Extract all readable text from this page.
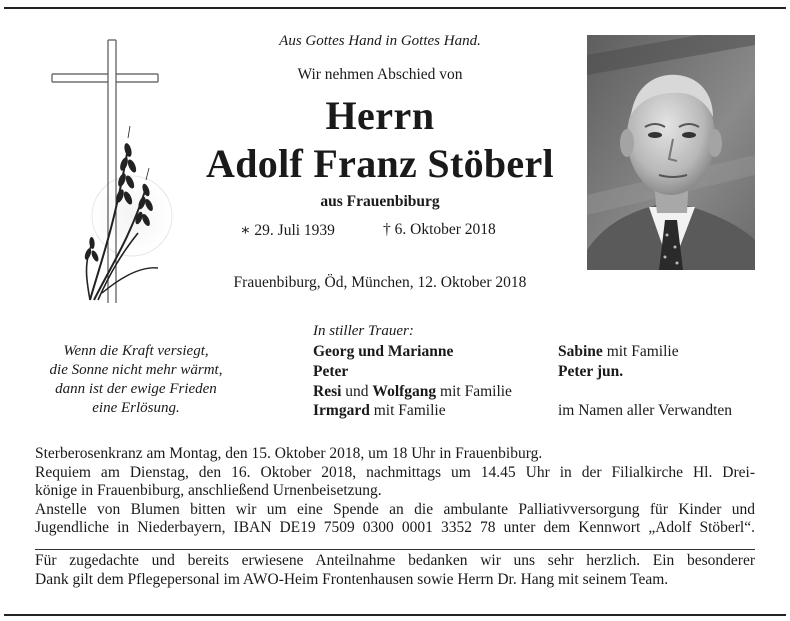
Aus Gottes Hand in Gottes Hand.
Wir nehmen Abschied von
Herrn
Adolf Franz Stöberl
aus Frauenbiburg
∗ 29. Juli 1939	† 6. Oktober 2018
Frauenbiburg, Öd, München, 12. Oktober 2018
Wenn die Kraft versiegt,
die Sonne nicht mehr wärmt,
dann ist der ewige Frieden
eine Erlösung.
In stiller Trauer:
Georg und Marianne
Peter
Resi und Wolfgang mit Familie
Irmgard mit Familie
Sabine mit Familie
Peter jun.
im Namen aller Verwandten
Sterberosenkranz am Montag, den 15. Oktober 2018, um 18 Uhr in Frauenbiburg.
Requiem am Dienstag, den 16. Oktober 2018, nachmittags um 14.45 Uhr in der Filialkirche Hl. Drei-
könige in Frauenbiburg, anschließend Urnenbeisetzung.
Anstelle von Blumen bitten wir um eine Spende an die ambulante Palliativversorgung für Kinder und
Jugendliche in Niederbayern, IBAN DE19 7509 0300 0001 3352 78 unter dem Kennwort „Adolf Stöberl“.
Für zugedachte und bereits erwiesene Anteilnahme bedanken wir uns sehr herzlich. Ein besonderer
Dank gilt dem Pflegepersonal im AWO-Heim Frontenhausen sowie Herrn Dr. Hang mit seinem Team.
